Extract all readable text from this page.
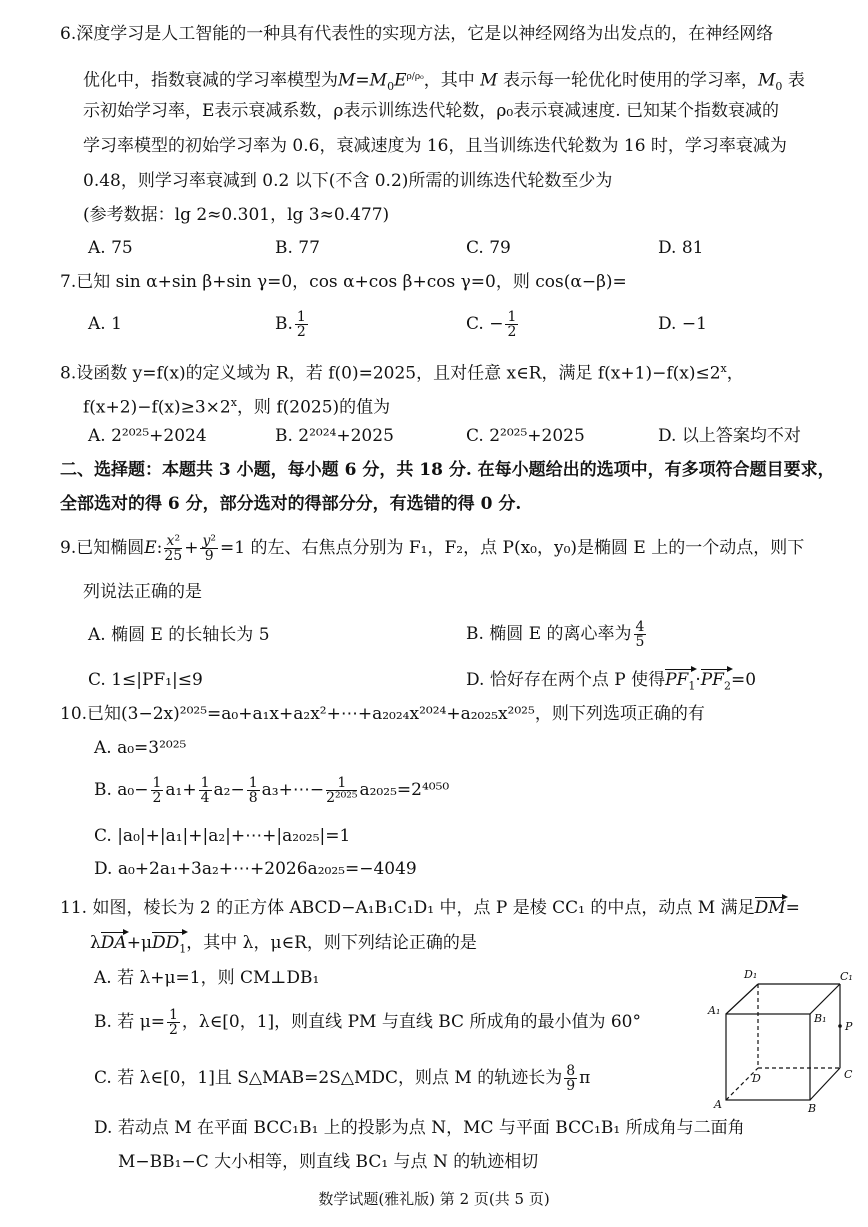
6.深度学习是人工智能的一种具有代表性的实现方法，它是以神经网络为出发点的，在神经网络
优化中，指数衰减的学习率模型为$M=M_0E^{\rho/\rho_0}$，其中 M 表示每一轮优化时使用的学习率，$M_0$ 表
示初始学习率，E表示衰减系数，ρ表示训练迭代轮数，ρ₀表示衰减速度. 已知某个指数衰减的
学习率模型的初始学习率为 0.6，衰减速度为 16，且当训练迭代轮数为 16 时，学习率衰减为
0.48，则学习率衰减到 0.2 以下(不含 0.2)所需的训练迭代轮数至少为
(参考数据：lg 2≈0.301，lg 3≈0.477)
A. 75	B. 77	C. 79	D. 81
7.已知 sin α+sin β+sin γ=0，cos α+cos β+cos γ=0，则 cos(α−β)=
A. 1	B. $\frac{1}{2}$	C. − $\frac{1}{2}$	D. −1
8.设函数 y=f(x)的定义域为 R，若 f(0)=2025，且对任意 x∈R，满足 $f(x+1)-f(x)\le 2^x$，
$f(x+2)-f(x)\ge 3\times 2^x$，则 f(2025)的值为
A. 2²⁰²⁵+2024	B. 2²⁰²⁴+2025	C. 2²⁰²⁵+2025	D. 以上答案均不对
二、选择题：本题共 3 小题，每小题 6 分，共 18 分. 在每小题给出的选项中，有多项符合题目要求，
全部选对的得 6 分，部分选对的得部分分，有选错的得 0 分.
9.已知椭圆E: $\frac{\text{x²}}{25} + \frac{\text{y²}}{9} =1$ 的左、右焦点分别为 F₁，F₂，点 P(x₀，y₀)是椭圆 E 上的一个动点，则下
列说法正确的是
A. 椭圆 E 的长轴长为 5	B. 椭圆 E 的离心率为 $\frac{4}{5}$
C. 1≤|PF₁|≤9	D. 恰好存在两个点 P 使得$PF_1\cdot PF_2=0$
10.已知(3−2x)²⁰²⁵=a₀+a₁x+a₂x²+⋯+a₂₀₂₄x²⁰²⁴+a₂₀₂₅x²⁰²⁵，则下列选项正确的有
A. a₀=3²⁰²⁵
B. $a_0- \frac{1}{2} a_1+ \frac{1}{4} a_2- \frac{1}{8}$ a₃+⋯− $\frac{1}{\text{2²⁰²⁵}} a_{2025}=2^{4050}$
C. |a₀|+|a₁|+|a₂|+⋯+|a₂₀₂₅|=1
D. a₀+2a₁+3a₂+⋯+2026a₂₀₂₅=−4049
11. 如图，棱长为 2 的正方体 ABCD−A₁B₁C₁D₁ 中，点 P 是棱 CC₁ 的中点，动点 M 满足DM=
λDA+μDD$_1$，其中 λ，μ∈R，则下列结论正确的是
A. 若 λ+μ=1，则 CM⊥DB₁
B. 若 $\mu= \frac{1}{2}$ ，λ∈[0，1]，则直线 PM 与直线 BC 所成角的最小值为 60°
C. 若 λ∈[0，1]且 S△MAB=2S△MDC，则点 M 的轨迹长为 $\frac{8}{9}$ π
D. 若动点 M 在平面 BCC₁B₁ 上的投影为点 N，MC 与平面 BCC₁B₁ 所成角与二面角
M−BB₁−C 大小相等，则直线 BC₁ 与点 N 的轨迹相切
D₁	C₁
A₁
B₁
P
D	C
A	B
数学试题(雅礼版) 第 2 页(共 5 页)
